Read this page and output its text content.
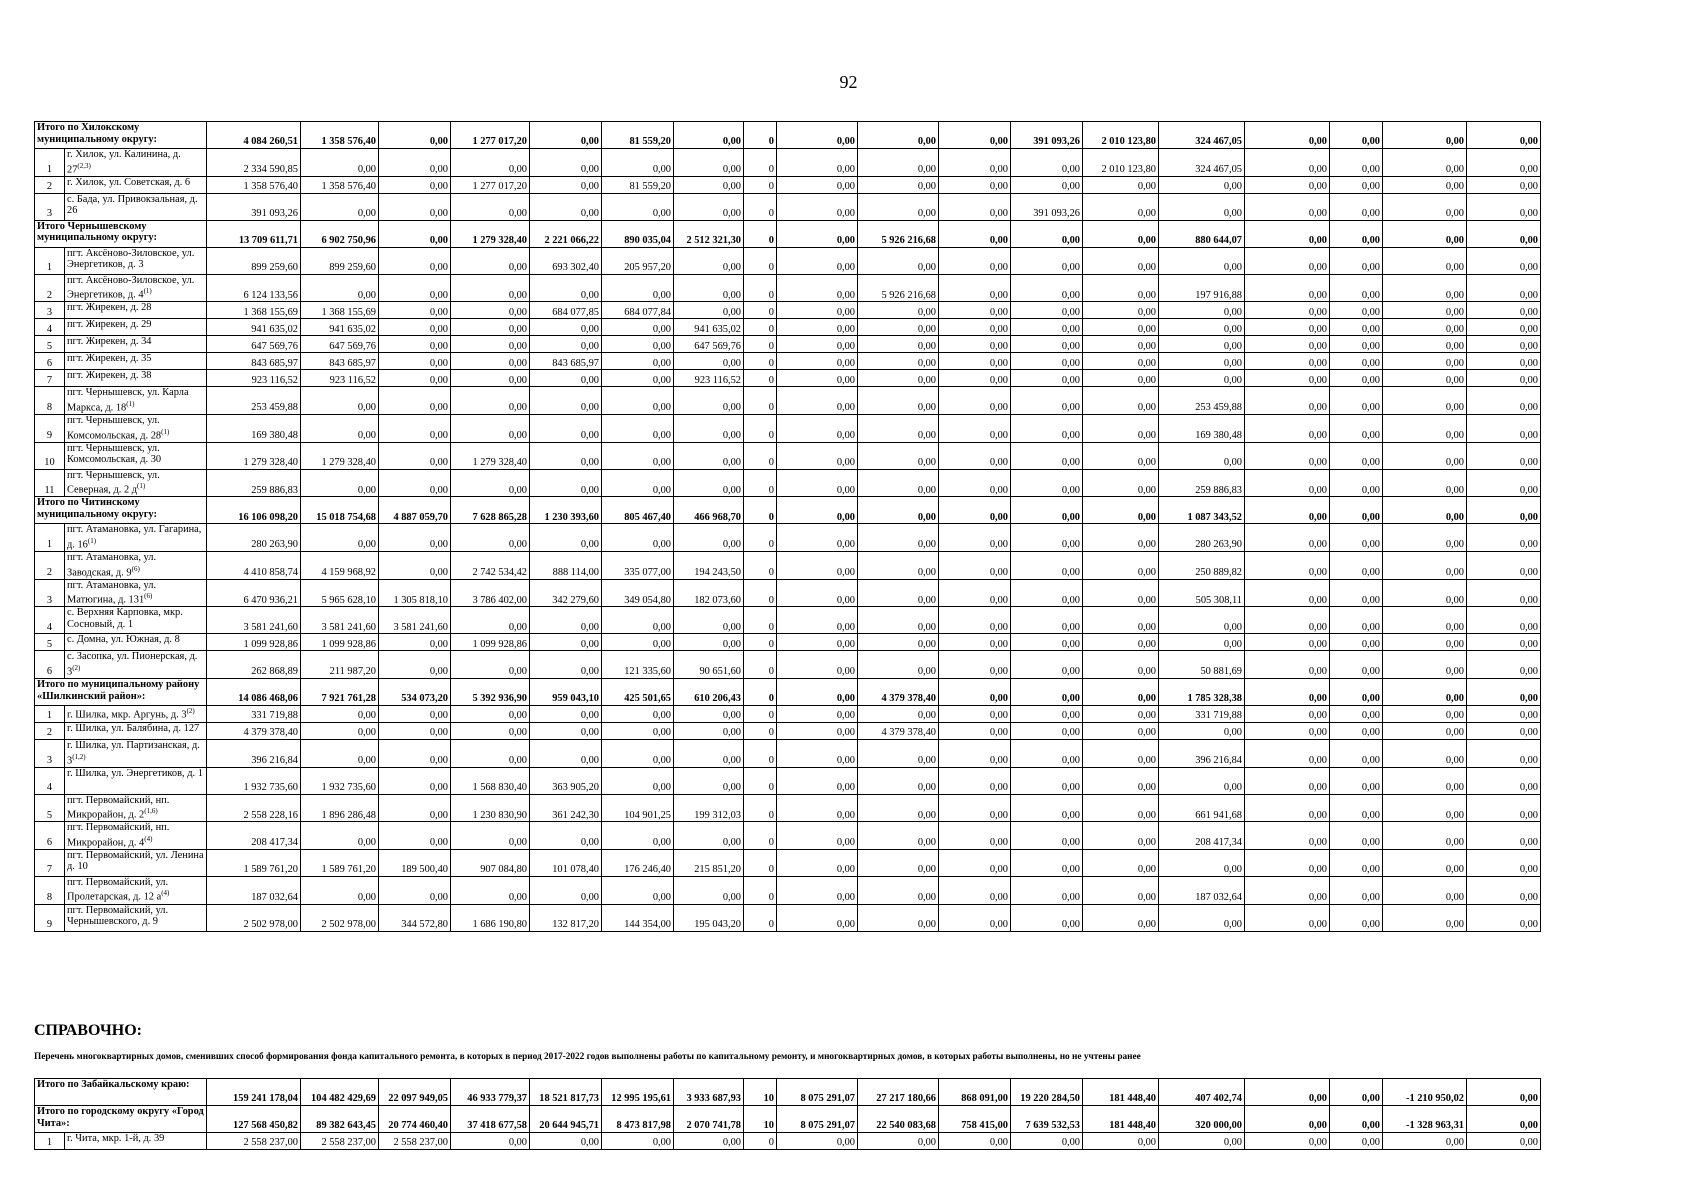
92
Итого по Хилокскому муниципальному округу:		4 084 260,51	1 358 576,40	0,00	1 277 017,20	0,00	81 559,20	0,00	0	0,00	0,00	0,00	391 093,26	2 010 123,80	324 467,05	0,00	0,00	0,00	0,00
1	г. Хилок, ул. Калинина, д. 27$^{(2,3)}$	2 334 590,85	0,00	0,00	0,00	0,00	0,00	0,00	0	0,00	0,00	0,00	0,00	2 010 123,80	324 467,05	0,00	0,00	0,00	0,00
2	г. Хилок, ул. Советская, д. 6	1 358 576,40	1 358 576,40	0,00	1 277 017,20	0,00	81 559,20	0,00	0	0,00	0,00	0,00	0,00	0,00	0,00	0,00	0,00	0,00	0,00
3	с. Бада, ул. Привокзальная, д. 26	391 093,26	0,00	0,00	0,00	0,00	0,00	0,00	0	0,00	0,00	0,00	391 093,26	0,00	0,00	0,00	0,00	0,00	0,00
Итого Чернышевскому муниципальному округу:		13 709 611,71	6 902 750,96	0,00	1 279 328,40	2 221 066,22	890 035,04	2 512 321,30	0	0,00	5 926 216,68	0,00	0,00	0,00	880 644,07	0,00	0,00	0,00	0,00
1	пгт. Аксёново-Зиловское, ул. Энергетиков, д. 3	899 259,60	899 259,60	0,00	0,00	693 302,40	205 957,20	0,00	0	0,00	0,00	0,00	0,00	0,00	0,00	0,00	0,00	0,00	0,00
2	пгт. Аксёново-Зиловское, ул. Энергетиков, д. 4$^{(1)}$	6 124 133,56	0,00	0,00	0,00	0,00	0,00	0,00	0	0,00	5 926 216,68	0,00	0,00	0,00	197 916,88	0,00	0,00	0,00	0,00
3	пгт. Жирекен, д. 28	1 368 155,69	1 368 155,69	0,00	0,00	684 077,85	684 077,84	0,00	0	0,00	0,00	0,00	0,00	0,00	0,00	0,00	0,00	0,00	0,00
4	пгт. Жирекен, д. 29	941 635,02	941 635,02	0,00	0,00	0,00	0,00	941 635,02	0	0,00	0,00	0,00	0,00	0,00	0,00	0,00	0,00	0,00	0,00
5	пгт. Жирекен, д. 34	647 569,76	647 569,76	0,00	0,00	0,00	0,00	647 569,76	0	0,00	0,00	0,00	0,00	0,00	0,00	0,00	0,00	0,00	0,00
6	пгт. Жирекен, д. 35	843 685,97	843 685,97	0,00	0,00	843 685,97	0,00	0,00	0	0,00	0,00	0,00	0,00	0,00	0,00	0,00	0,00	0,00	0,00
7	пгт. Жирекен, д. 38	923 116,52	923 116,52	0,00	0,00	0,00	0,00	923 116,52	0	0,00	0,00	0,00	0,00	0,00	0,00	0,00	0,00	0,00	0,00
8	пгт. Чернышевск, ул. Карла Маркса, д. 18$^{(1)}$	253 459,88	0,00	0,00	0,00	0,00	0,00	0,00	0	0,00	0,00	0,00	0,00	0,00	253 459,88	0,00	0,00	0,00	0,00
9	пгт. Чернышевск, ул. Комсомольская, д. 28$^{(1)}$	169 380,48	0,00	0,00	0,00	0,00	0,00	0,00	0	0,00	0,00	0,00	0,00	0,00	169 380,48	0,00	0,00	0,00	0,00
10	пгт. Чернышевск, ул. Комсомольская, д. 30	1 279 328,40	1 279 328,40	0,00	1 279 328,40	0,00	0,00	0,00	0	0,00	0,00	0,00	0,00	0,00	0,00	0,00	0,00	0,00	0,00
11	пгт. Чернышевск, ул. Северная, д. 2 $д^{(1)}$	259 886,83	0,00	0,00	0,00	0,00	0,00	0,00	0	0,00	0,00	0,00	0,00	0,00	259 886,83	0,00	0,00	0,00	0,00
Итого по Читинскому муниципальному округу:		16 106 098,20	15 018 754,68	4 887 059,70	7 628 865,28	1 230 393,60	805 467,40	466 968,70	0	0,00	0,00	0,00	0,00	0,00	1 087 343,52	0,00	0,00	0,00	0,00
1	пгт. Атамановка, ул. Гагарина, д. 16$^{(1)}$	280 263,90	0,00	0,00	0,00	0,00	0,00	0,00	0	0,00	0,00	0,00	0,00	0,00	280 263,90	0,00	0,00	0,00	0,00
2	пгт. Атамановка, ул. Заводская, д. 9$^{(6)}$	4 410 858,74	4 159 968,92	0,00	2 742 534,42	888 114,00	335 077,00	194 243,50	0	0,00	0,00	0,00	0,00	0,00	250 889,82	0,00	0,00	0,00	0,00
3	пгт. Атамановка, ул. Матюгина, д. 131$^{(6)}$	6 470 936,21	5 965 628,10	1 305 818,10	3 786 402,00	342 279,60	349 054,80	182 073,60	0	0,00	0,00	0,00	0,00	0,00	505 308,11	0,00	0,00	0,00	0,00
4	с. Верхняя Карповка, мкр. Сосновый, д. 1	3 581 241,60	3 581 241,60	3 581 241,60	0,00	0,00	0,00	0,00	0	0,00	0,00	0,00	0,00	0,00	0,00	0,00	0,00	0,00	0,00
5	с. Домна, ул. Южная, д. 8	1 099 928,86	1 099 928,86	0,00	1 099 928,86	0,00	0,00	0,00	0	0,00	0,00	0,00	0,00	0,00	0,00	0,00	0,00	0,00	0,00
6	с. Засопка, ул. Пионерская, д. 3$^{(2)}$	262 868,89	211 987,20	0,00	0,00	0,00	121 335,60	90 651,60	0	0,00	0,00	0,00	0,00	0,00	50 881,69	0,00	0,00	0,00	0,00
Итого по муниципальному району «Шилкинский район»:		14 086 468,06	7 921 761,28	534 073,20	5 392 936,90	959 043,10	425 501,65	610 206,43	0	0,00	4 379 378,40	0,00	0,00	0,00	1 785 328,38	0,00	0,00	0,00	0,00
1	г. Шилка, мкр. Аргунь, д. 3$^{(2)}$	331 719,88	0,00	0,00	0,00	0,00	0,00	0,00	0	0,00	0,00	0,00	0,00	0,00	331 719,88	0,00	0,00	0,00	0,00
2	г. Шилка, ул. Балябина, д. 127	4 379 378,40	0,00	0,00	0,00	0,00	0,00	0,00	0	0,00	4 379 378,40	0,00	0,00	0,00	0,00	0,00	0,00	0,00	0,00
3	г. Шилка, ул. Партизанская, д. 3$^{(1,2)}$	396 216,84	0,00	0,00	0,00	0,00	0,00	0,00	0	0,00	0,00	0,00	0,00	0,00	396 216,84	0,00	0,00	0,00	0,00
4	г. Шилка, ул. Энергетиков, д. 1	1 932 735,60	1 932 735,60	0,00	1 568 830,40	363 905,20	0,00	0,00	0	0,00	0,00	0,00	0,00	0,00	0,00	0,00	0,00	0,00	0,00
5	пгт. Первомайский, нп. Микрорайон, д. 2$^{(1,6)}$	2 558 228,16	1 896 286,48	0,00	1 230 830,90	361 242,30	104 901,25	199 312,03	0	0,00	0,00	0,00	0,00	0,00	661 941,68	0,00	0,00	0,00	0,00
6	пгт. Первомайский, нп. Микрорайон, д. 4$^{(4)}$	208 417,34	0,00	0,00	0,00	0,00	0,00	0,00	0	0,00	0,00	0,00	0,00	0,00	208 417,34	0,00	0,00	0,00	0,00
7	пгт. Первомайский, ул. Ленина д. 10	1 589 761,20	1 589 761,20	189 500,40	907 084,80	101 078,40	176 246,40	215 851,20	0	0,00	0,00	0,00	0,00	0,00	0,00	0,00	0,00	0,00	0,00
8	пгт. Первомайский, ул. Пролетарская, д. 12 $а^{(4)}$	187 032,64	0,00	0,00	0,00	0,00	0,00	0,00	0	0,00	0,00	0,00	0,00	0,00	187 032,64	0,00	0,00	0,00	0,00
9	пгт. Первомайский, ул. Чернышевского, д. 9	2 502 978,00	2 502 978,00	344 572,80	1 686 190,80	132 817,20	144 354,00	195 043,20	0	0,00	0,00	0,00	0,00	0,00	0,00	0,00	0,00	0,00	0,00
СПРАВОЧНО:
Перечень многоквартирных домов, сменивших способ формирования фонда капитального ремонта, в которых в период 2017-2022 годов выполнены работы по капитальному ремонту, и многоквартирных домов, в которых работы выполнены, но не учтены ранее
Итого по Забайкальскому краю:		159 241 178,04	104 482 429,69	22 097 949,05	46 933 779,37	18 521 817,73	12 995 195,61	3 933 687,93	10	8 075 291,07	27 217 180,66	868 091,00	19 220 284,50	181 448,40	407 402,74	0,00	0,00	-1 210 950,02	0,00
Итого по городскому округу «Город Чита»:		127 568 450,82	89 382 643,45	20 774 460,40	37 418 677,58	20 644 945,71	8 473 817,98	2 070 741,78	10	8 075 291,07	22 540 083,68	758 415,00	7 639 532,53	181 448,40	320 000,00	0,00	0,00	-1 328 963,31	0,00
1	г. Чита, мкр. 1-й, д. 39	2 558 237,00	2 558 237,00	2 558 237,00	0,00	0,00	0,00	0,00	0	0,00	0,00	0,00	0,00	0,00	0,00	0,00	0,00	0,00	0,00
